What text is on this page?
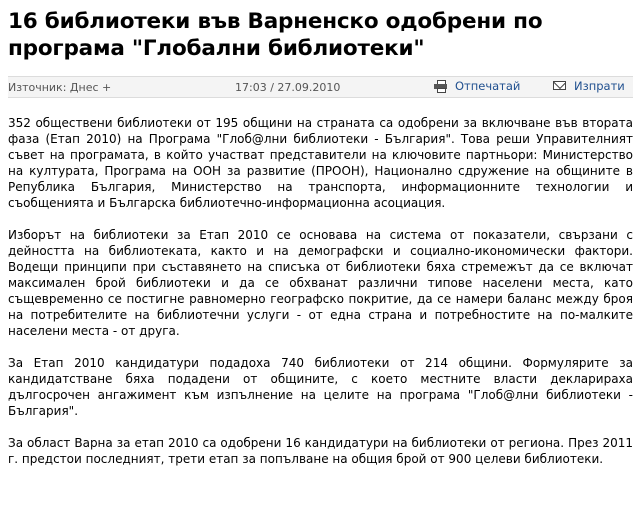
16 библиотеки във Варненско одобрени по програма "Глобални библиотеки"
Източник: Днес +	17:03 / 27.09.2010	Отпечатай	Изпрати

352 обществени библиотеки от 195 общини на страната са одобрени за включване във втората фаза (Етап 2010) на Програма "Глоб@лни библиотеки - България". Това реши Управителният съвет на програмата, в който участват представители на ключовите партньори: Министерство на културата, Програма на ООН за развитие (ПРООН), Национално сдружение на общините в Република България, Министерство на транспорта, информационните технологии и съобщенията и Българска библиотечно-информационна асоциация.

Изборът на библиотеки за Етап 2010 се основава на система от показатели, свързани с дейността на библиотеката, както и на демографски и социално-икономически фактори. Водещи принципи при съставянето на списъка от библиотеки бяха стремежът да се включат максимален брой библиотеки и да се обхванат различни типове населени места, като същевременно се постигне равномерно географско покритие, да се намери баланс между броя на потребителите на библиотечни услуги - от една страна и потребностите на по-малките населени места - от друга.

За Етап 2010 кандидатури подадоха 740 библиотеки от 214 общини. Формулярите за кандидатстване бяха подадени от общините, с което местните власти декларираха дългосрочен ангажимент към изпълнение на целите на програма "Глоб@лни библиотеки - България".

За област Варна за етап 2010 са одобрени 16 кандидатури на библиотеки от региона. През 2011 г. предстои последният, трети етап за попълване на общия брой от 900 целеви библиотеки.
